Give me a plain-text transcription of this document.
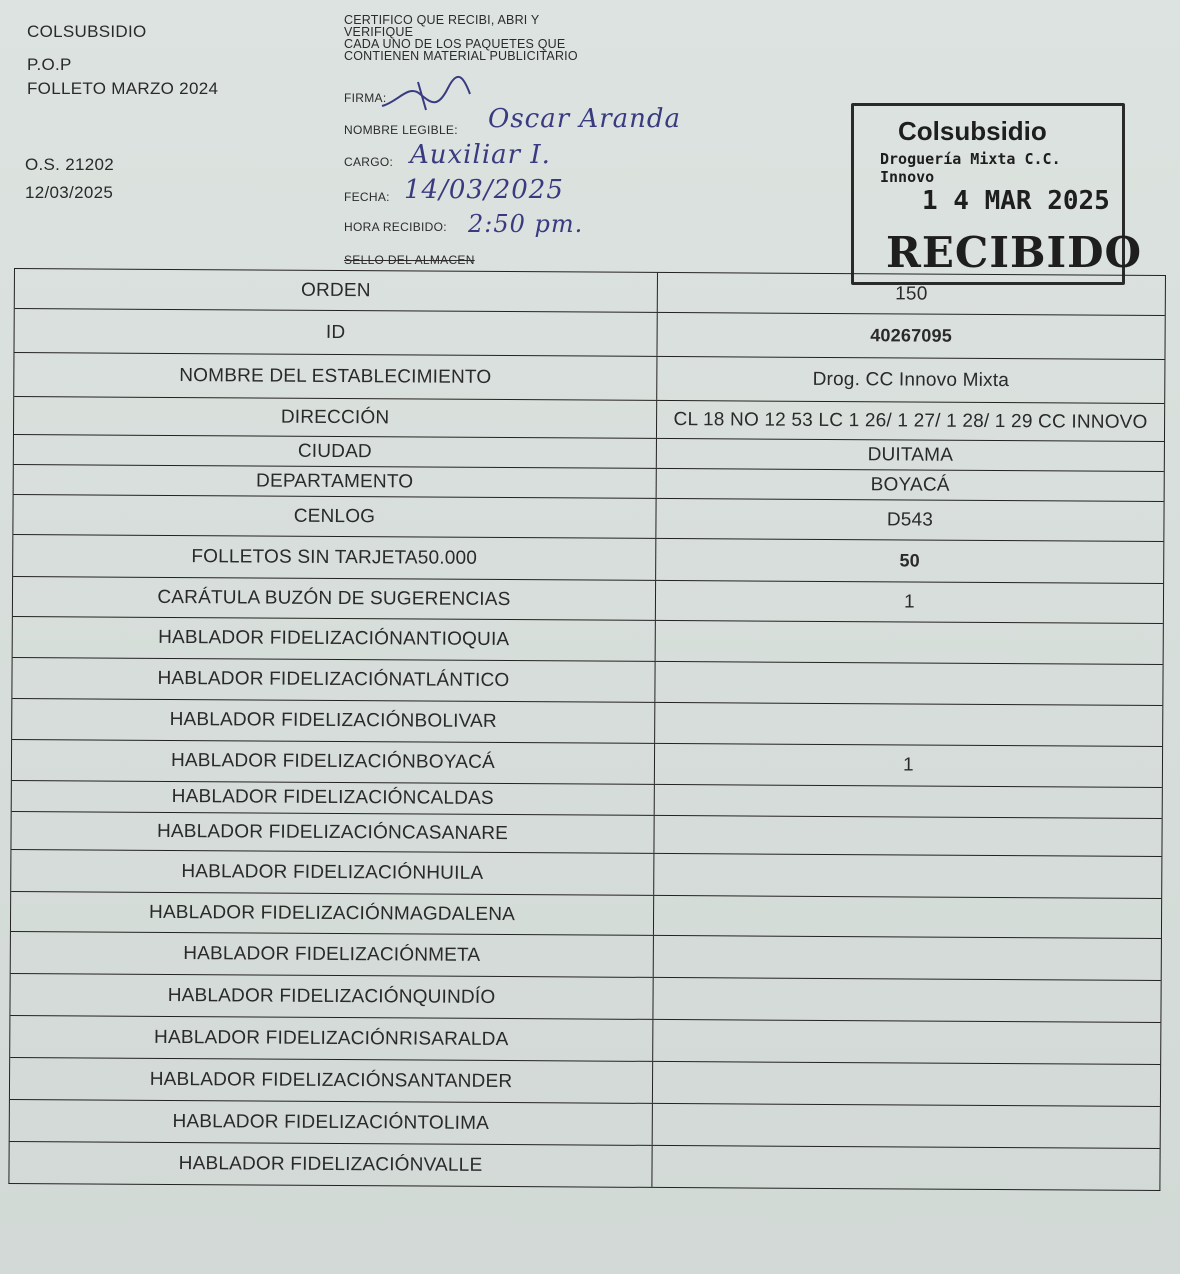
COLSUBSIDIO
P.O.P
FOLLETO MARZO 2024
O.S. 21202
12/03/2025
CERTIFICO QUE RECIBI, ABRI Y
VERIFIQUE
CADA UNO DE LOS PAQUETES QUE
CONTIENEN MATERIAL PUBLICITARIO
FIRMA:
NOMBRE LEGIBLE: Oscar Aranda
CARGO: Auxiliar I.
FECHA: 14/03/2025
HORA RECIBIDO: 2:50 pm.
SELLO DEL ALMACEN
Colsubsidio
Droguería Mixta C.C. Innovo
1 4 MAR 2025
RECIBIDO
ORDEN	150
ID	40267095
NOMBRE DEL ESTABLECIMIENTO	Drog. CC Innovo Mixta
DIRECCIÓN	CL 18 NO 12 53 LC 1 26/ 1 27/ 1 28/ 1 29 CC INNOVO
CIUDAD	DUITAMA
DEPARTAMENTO	BOYACÁ
CENLOG	D543
FOLLETOS SIN TARJETA50.000	50
CARÁTULA BUZÓN DE SUGERENCIAS	1
HABLADOR FIDELIZACIÓNANTIOQUIA
HABLADOR FIDELIZACIÓNATLÁNTICO
HABLADOR FIDELIZACIÓNBOLIVAR
HABLADOR FIDELIZACIÓNBOYACÁ	1
HABLADOR FIDELIZACIÓNCALDAS
HABLADOR FIDELIZACIÓNCASANARE
HABLADOR FIDELIZACIÓNHUILA
HABLADOR FIDELIZACIÓNMAGDALENA
HABLADOR FIDELIZACIÓNMETA
HABLADOR FIDELIZACIÓNQUINDÍO
HABLADOR FIDELIZACIÓNRISARALDA
HABLADOR FIDELIZACIÓNSANTANDER
HABLADOR FIDELIZACIÓNTOLIMA
HABLADOR FIDELIZACIÓNVALLE
